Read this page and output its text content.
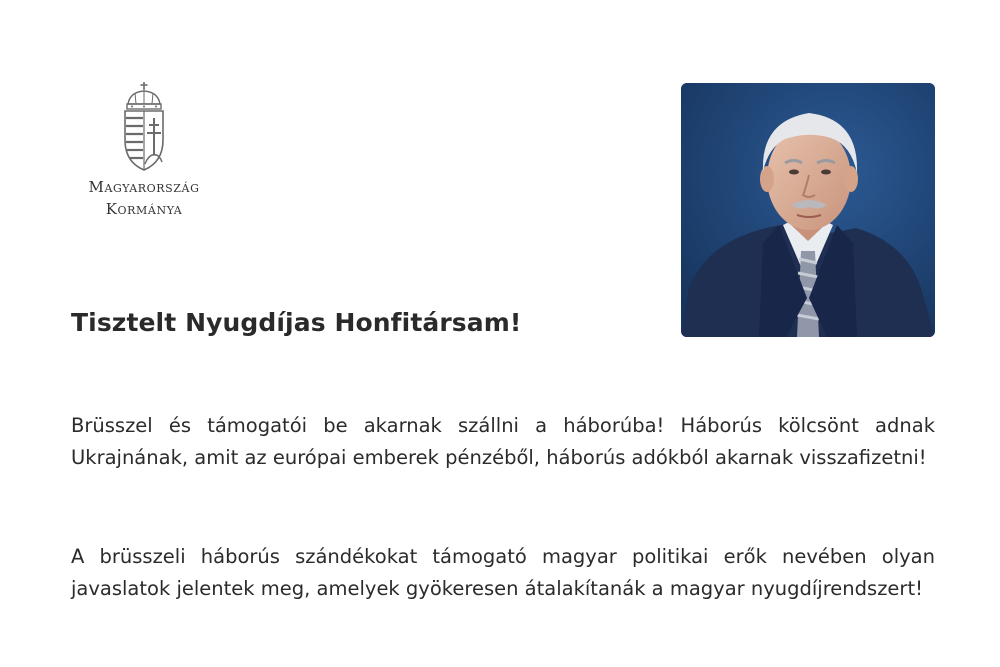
Magyarország
Kormánya
Tisztelt Nyugdíjas Honfitársam!

Brüsszel és támogatói be akarnak szállni a háborúba! Háborús kölcsönt adnak Ukrajnának, amit az európai emberek pénzéből, háborús adókból akarnak visszafizetni!

A brüsszeli háborús szándékokat támogató magyar politikai erők nevében olyan javaslatok jelentek meg, amelyek gyökeresen átalakítanák a magyar nyugdíjrendszert!
